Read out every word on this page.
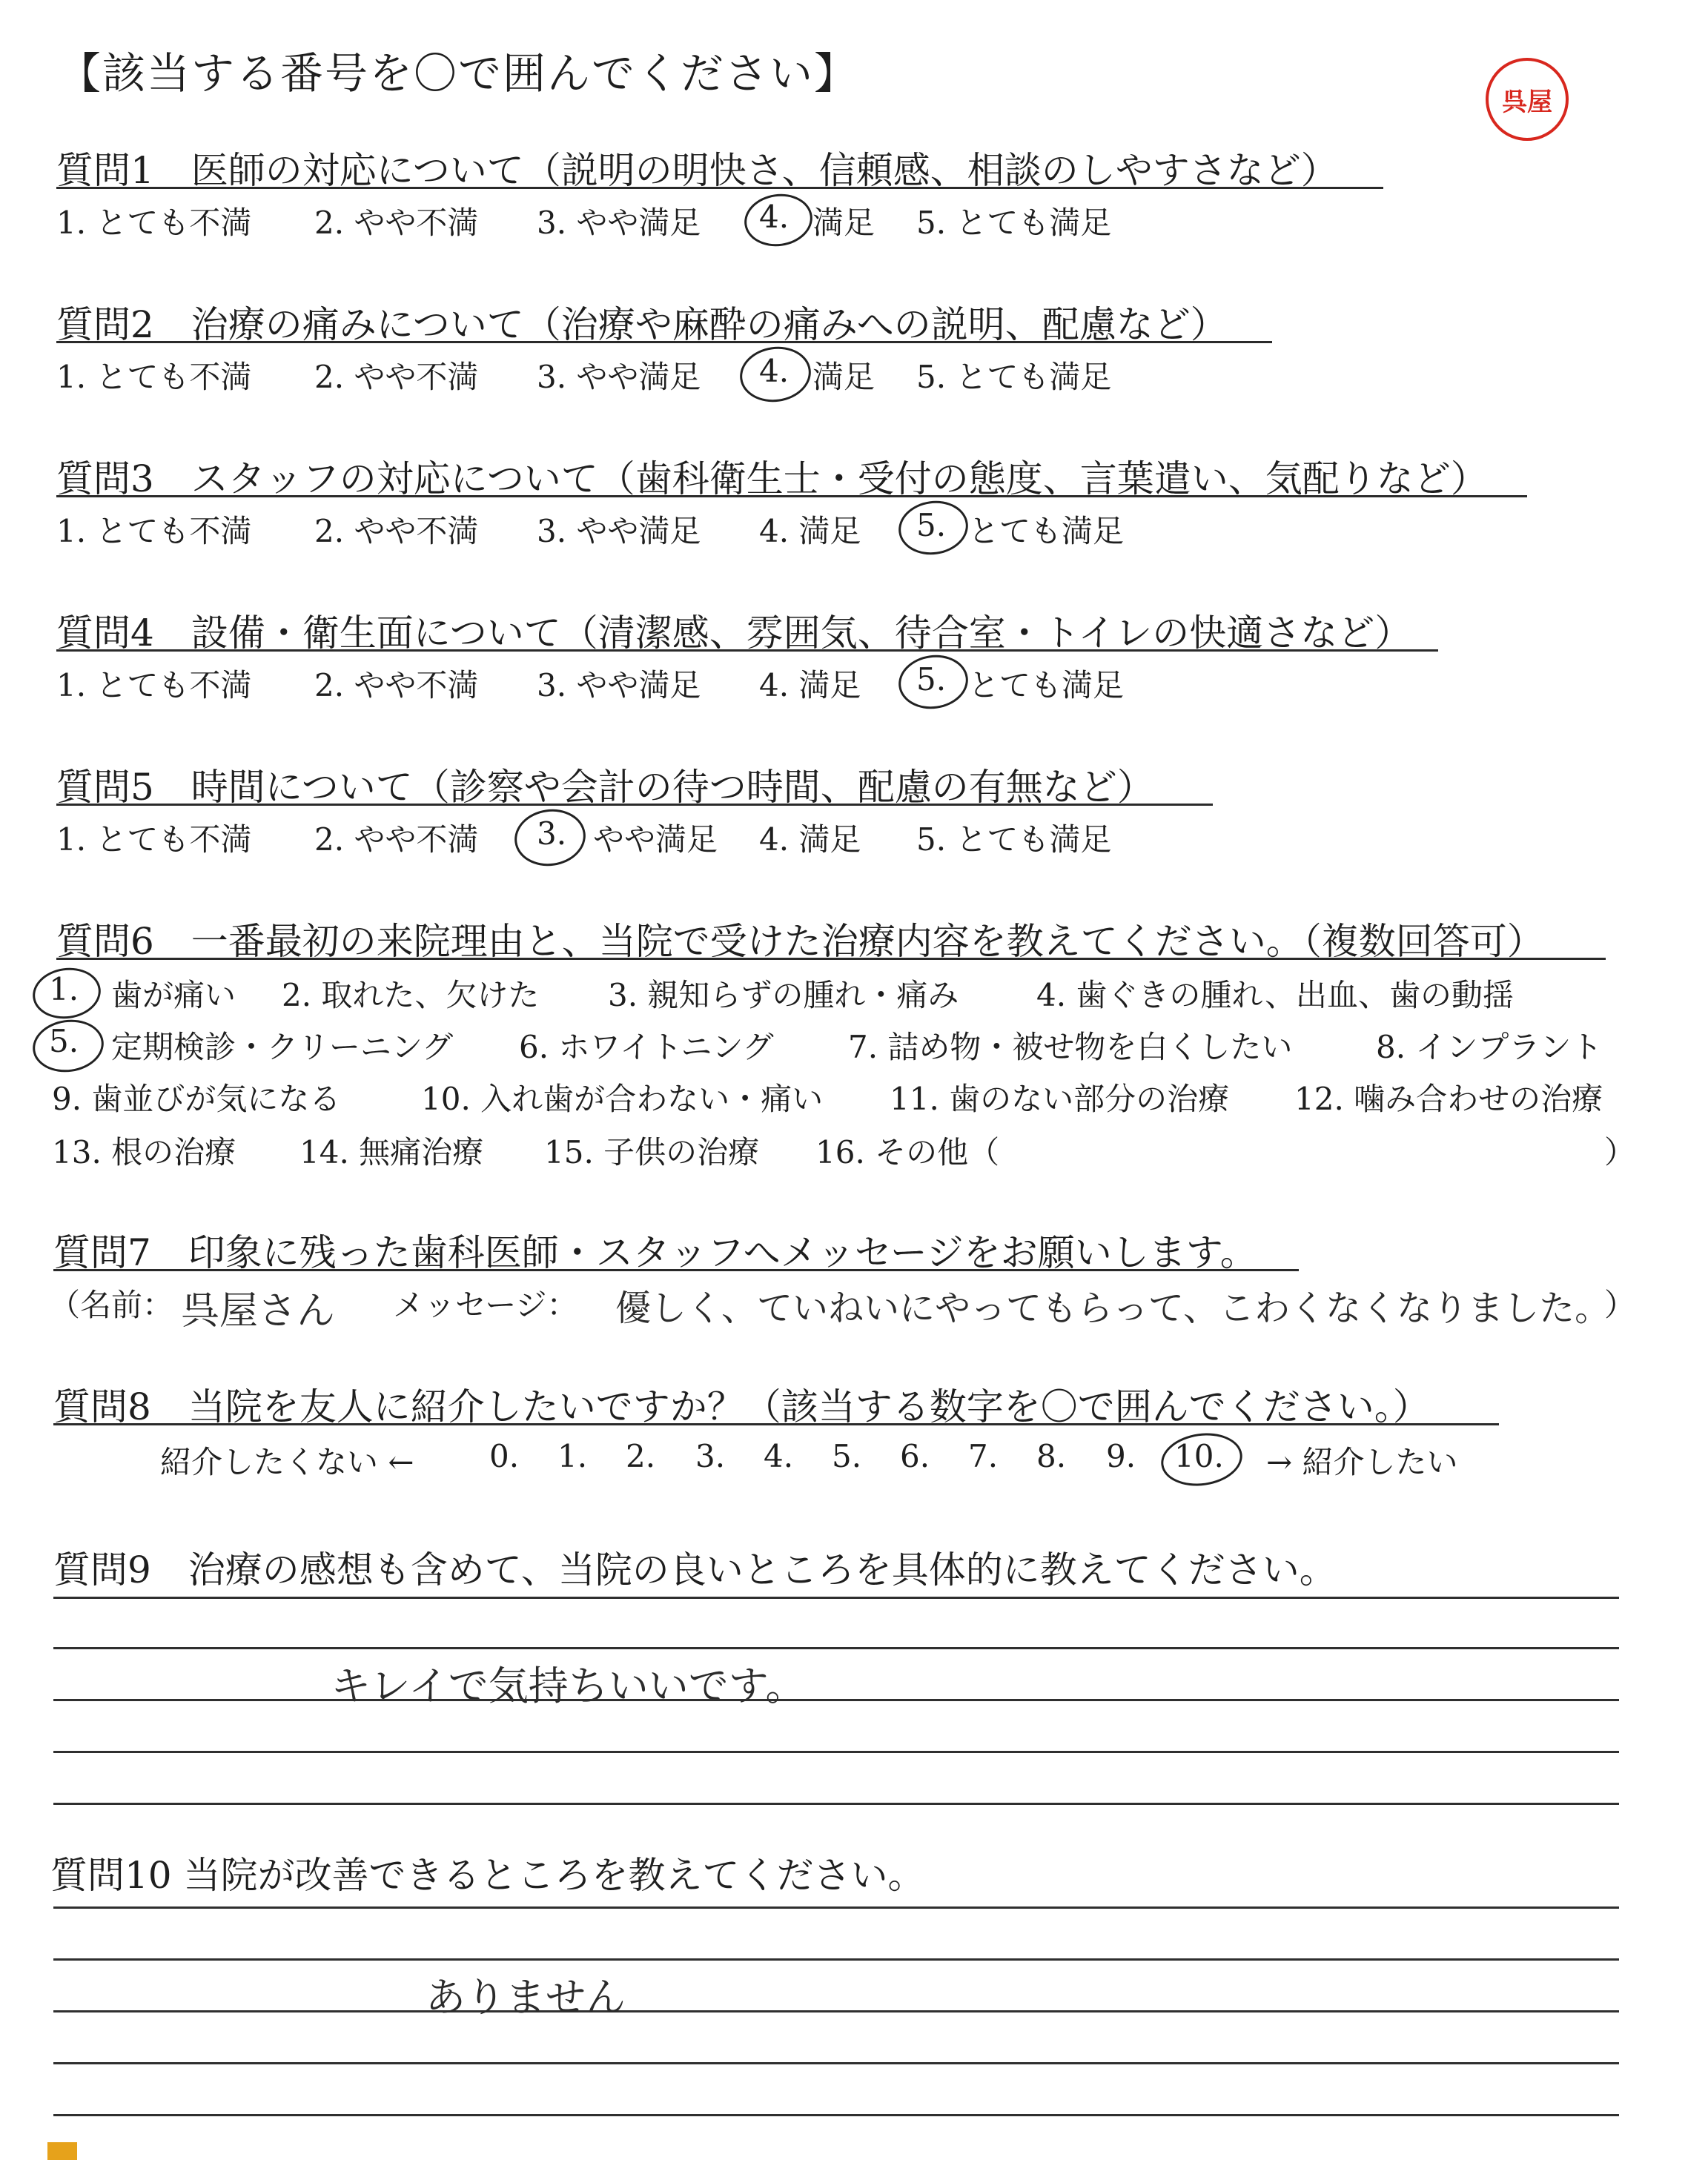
【該当する番号を〇で囲んでください】
呉屋
質問1　医師の対応について（説明の明快さ、信頼感、相談のしやすさなど）
1. とても不満 2. やや不満 3. やや満足 4. 満足 5. とても満足
質問2　治療の痛みについて（治療や麻酔の痛みへの説明、配慮など）
1. とても不満 2. やや不満 3. やや満足 4. 満足 5. とても満足
質問3　スタッフの対応について（歯科衛生士・受付の態度、言葉遣い、気配りなど）
1. とても不満 2. やや不満 3. やや満足 4. 満足 5. とても満足
質問4　設備・衛生面について（清潔感、雰囲気、待合室・トイレの快適さなど）
1. とても不満 2. やや不満 3. やや満足 4. 満足 5. とても満足
質問5　時間について（診察や会計の待つ時間、配慮の有無など）
1. とても不満 2. やや不満 3. やや満足 4. 満足 5. とても満足
質問6　一番最初の来院理由と、当院で受けた治療内容を教えてください。（複数回答可）
1. 歯が痛い 2. 取れた、欠けた 3. 親知らずの腫れ・痛み 4. 歯ぐきの腫れ、出血、歯の動揺
5. 定期検診・クリーニング 6. ホワイトニング 7. 詰め物・被せ物を白くしたい	8. インプラント
9. 歯並びが気になる	10. 入れ歯が合わない・痛い 11. 歯のない部分の治療 12. 噛み合わせの治療
13. 根の治療 14. 無痛治療 15. 子供の治療 16. その他（	）
質問7　印象に残った歯科医師・スタッフへメッセージをお願いします。
（名前： 呉屋さん メッセージ： 優しく、ていねいにやってもらって、こわくなくなりました。
）
質問8　当院を友人に紹介したいですか？（該当する数字を〇で囲んでください。）
紹介したくない ← 0. 1. 2. 3. 4. 5. 6. 7. 8. 9. 10. → 紹介したい
質問9　治療の感想も含めて、当院の良いところを具体的に教えてください。
キレイで気持ちいいです。
質問10 当院が改善できるところを教えてください。
ありません
